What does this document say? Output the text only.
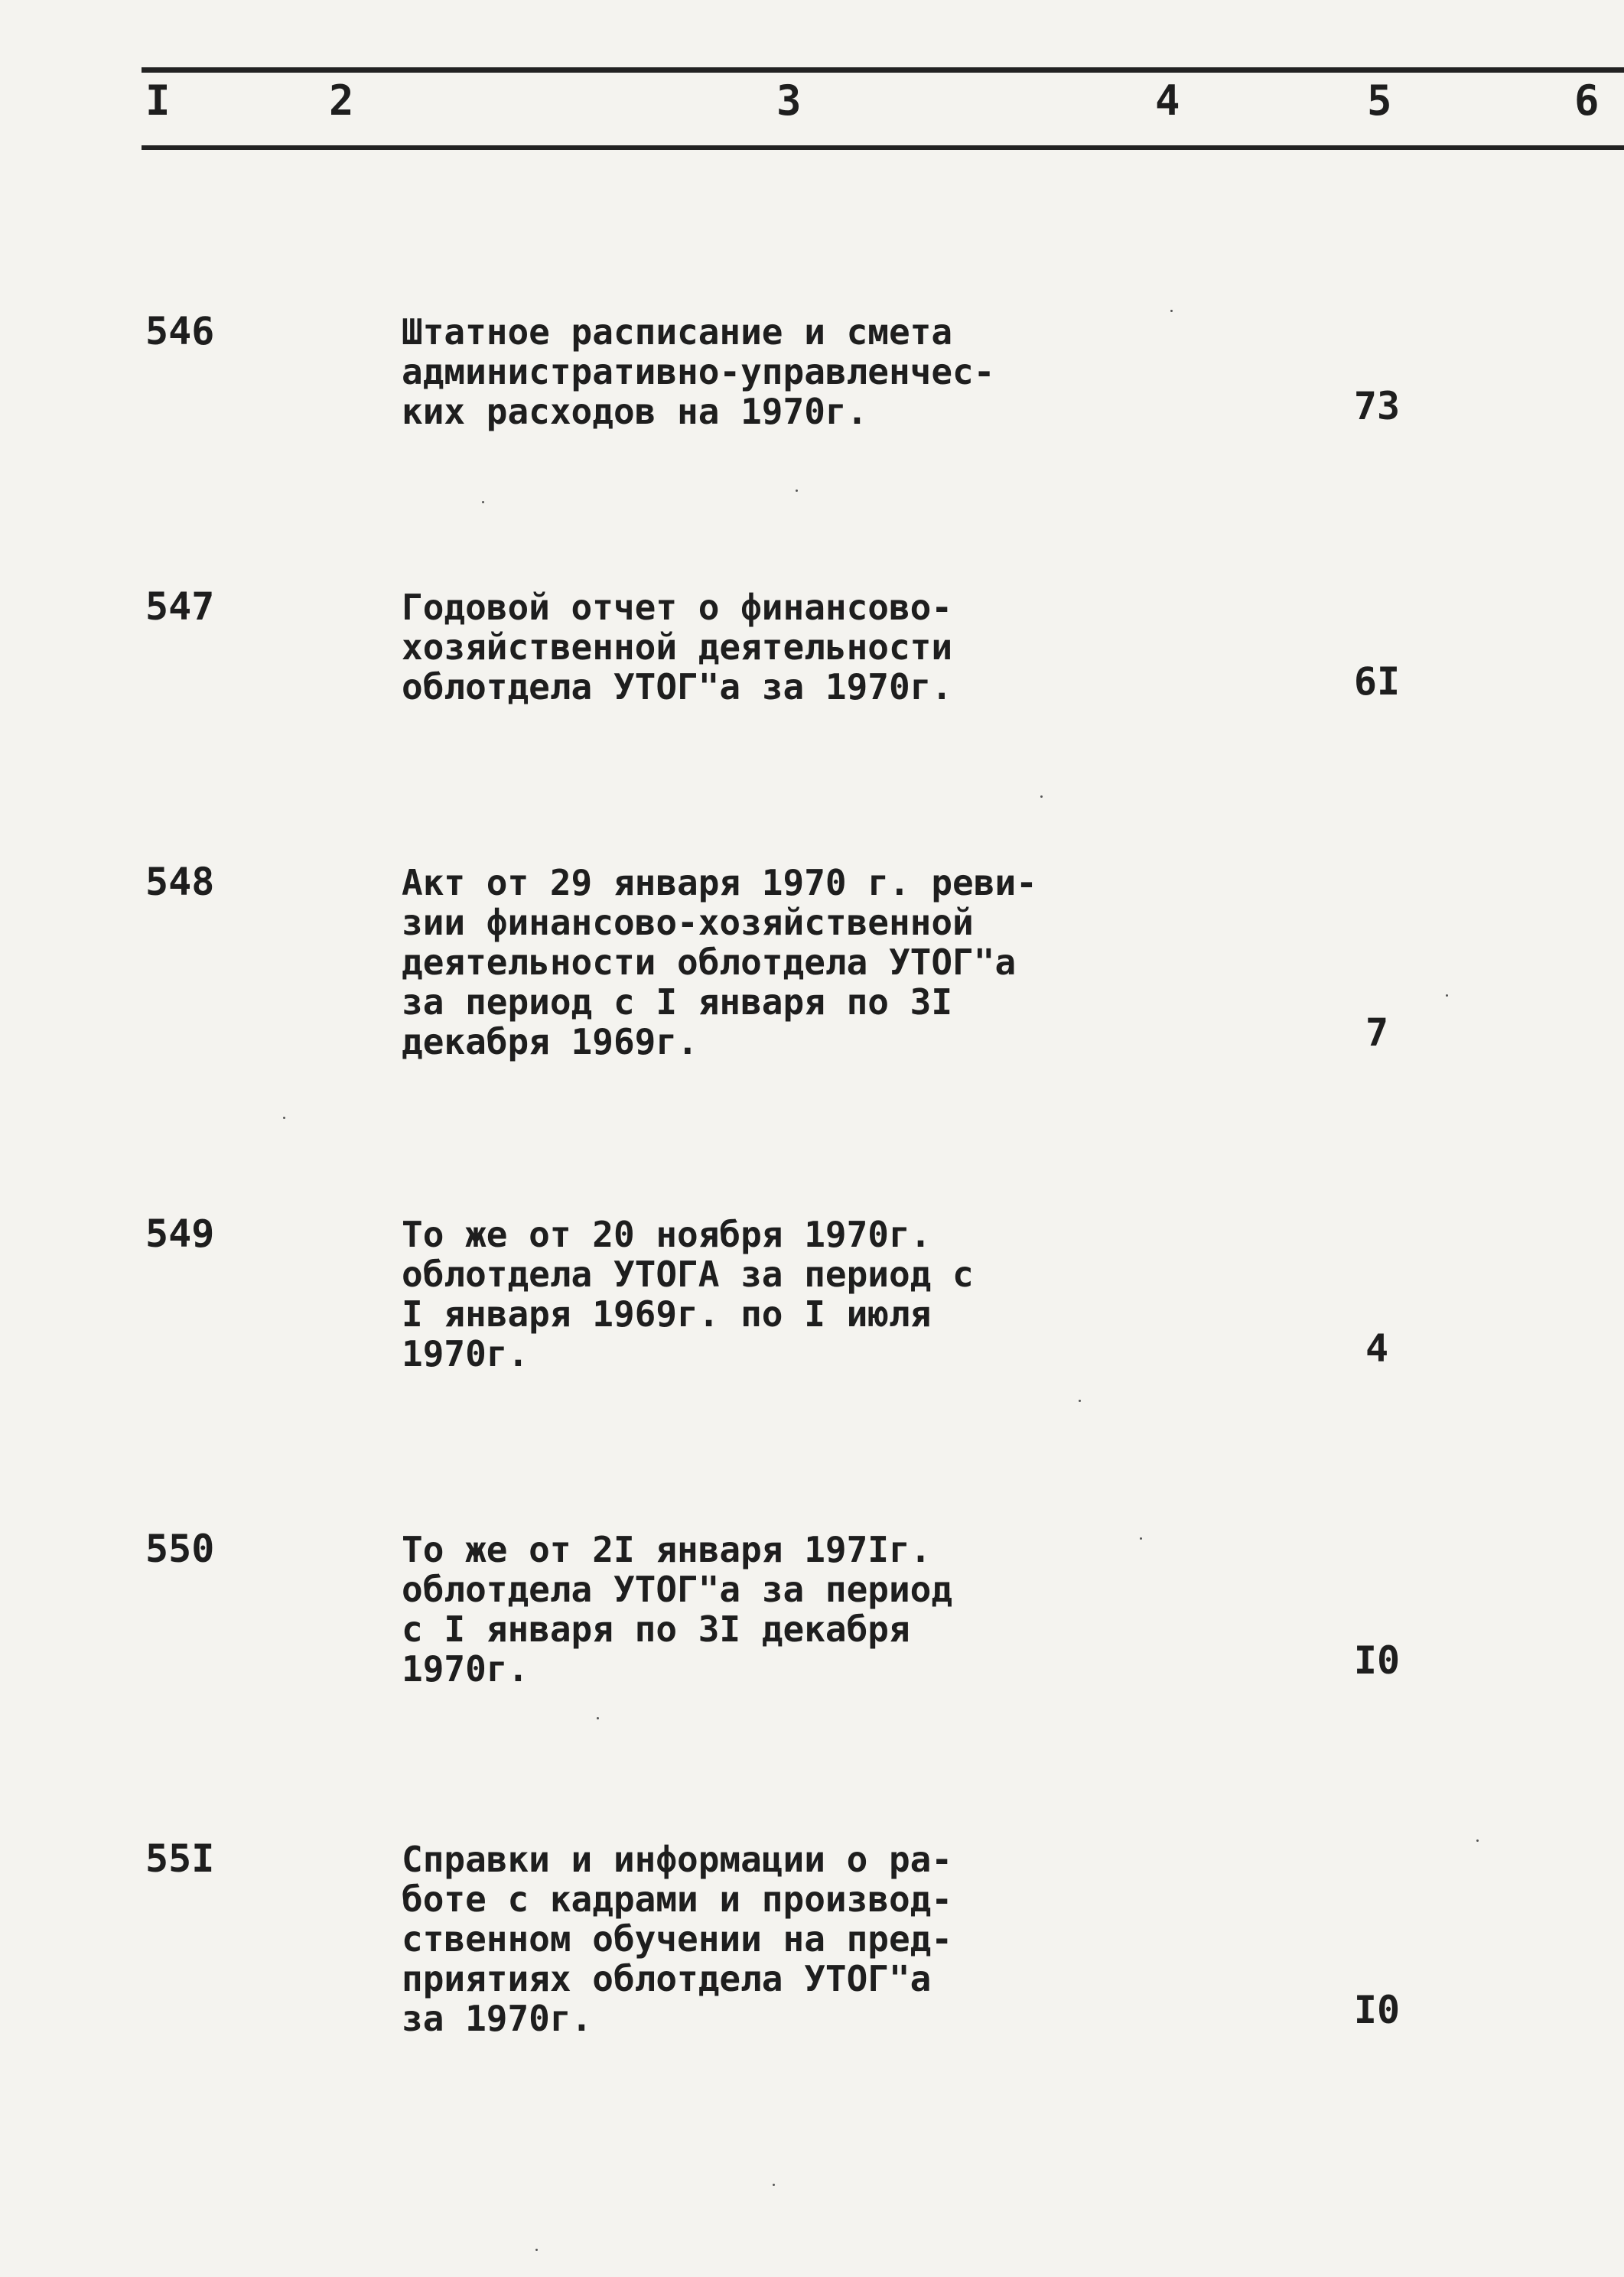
I	2	3	4	5	6
546	Штатное расписание и смета
административно-управленчес-
ких расходов на 1970г.	73
547	Годовой отчет о финансово-
хозяйственной деятельности
облотдела УТОГ"а за 1970г.	6I
548	Акт от 29 января 1970 г. реви-
зии финансово-хозяйственной
деятельности облотдела УТОГ"а
за период с I января по 3I
декабря 1969г.	7
549	То же от 20 ноября 1970г.
облотдела УТОГА за период с
I января 1969г. по I июля
1970г.	4
550	То же от 2I января 197Iг.
облотдела УТОГ"а за период
с I января по 3I декабря
1970г.	I0
55I	Справки и информации о ра-
боте с кадрами и производ-
ственном обучении на пред-
приятиях облотдела УТОГ"а
за 1970г.	I0
